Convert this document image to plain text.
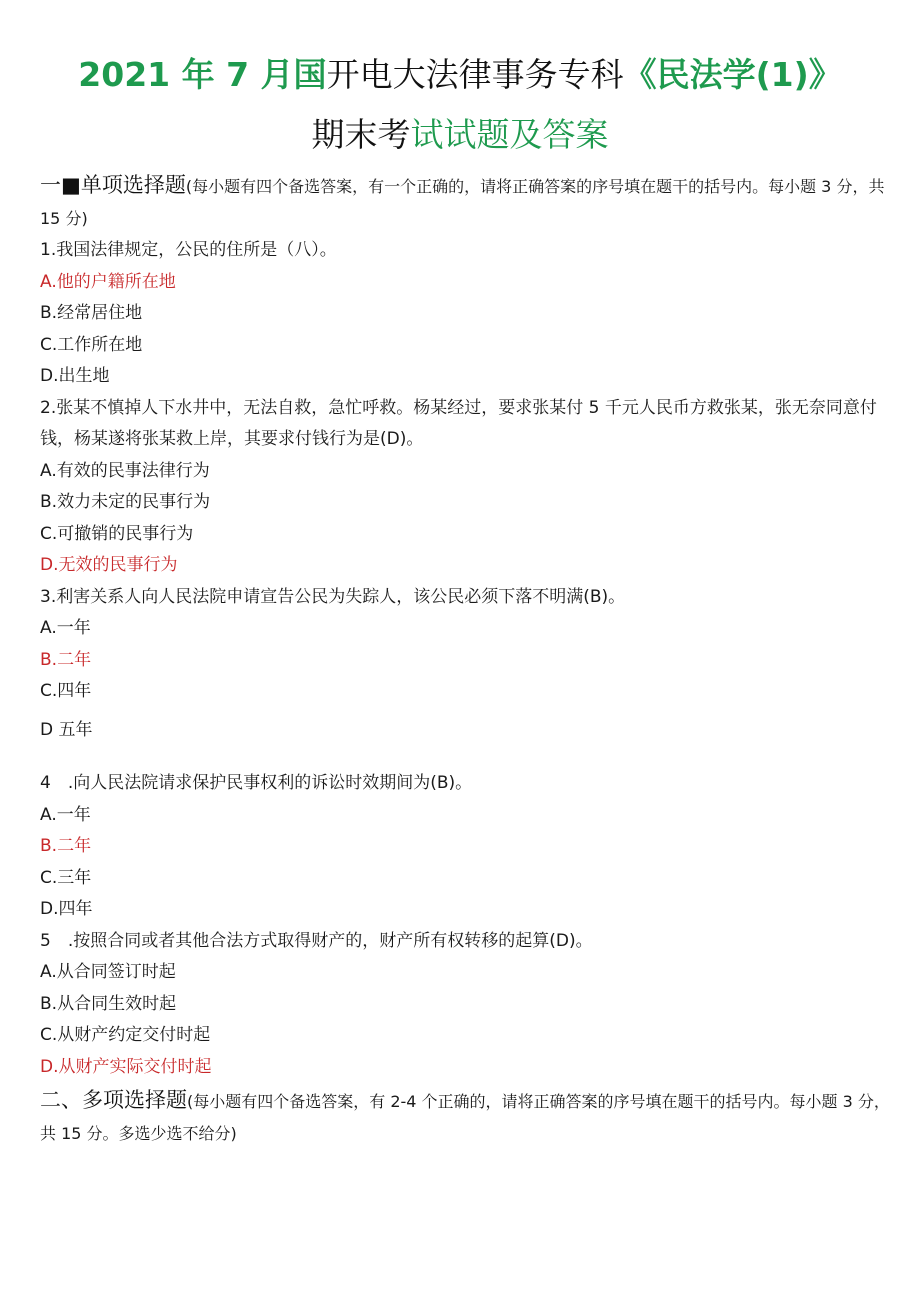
2021 年 7 月国开电大法律事务专科《民法学(1)》
期末考试试题及答案

一■单项选择题(每小题有四个备选答案，有一个正确的，请将正确答案的序号填在题干的括号内。每小题 3 分，共 15 分)

1.我国法律规定，公民的住所是（八）。

A.他的户籍所在地

B.经常居住地

C.工作所在地

D.出生地

2.张某不慎掉人下水井中，无法自救，急忙呼救。杨某经过，要求张某付 5 千元人民币方救张某，张无奈同意付钱，杨某遂将张某救上岸，其要求付钱行为是(D)。

A.有效的民事法律行为

B.效力未定的民事行为

C.可撤销的民事行为

D.无效的民事行为

3.利害关系人向人民法院申请宣告公民为失踪人，该公民必须下落不明满(B)。

A.一年

B.二年

C.四年

D 五年

4 .向人民法院请求保护民事权利的诉讼时效期间为(B)。

A.一年

B.二年

C.三年

D.四年

5 .按照合同或者其他合法方式取得财产的，财产所有权转移的起算(D)。

A.从合同签订时起

B.从合同生效时起

C.从财产约定交付时起

D.从财产实际交付时起

二、多项选择题(每小题有四个备选答案，有 2-4 个正确的，请将正确答案的序号填在题干的括号内。每小题 3 分，共 15 分。多选少选不给分)
